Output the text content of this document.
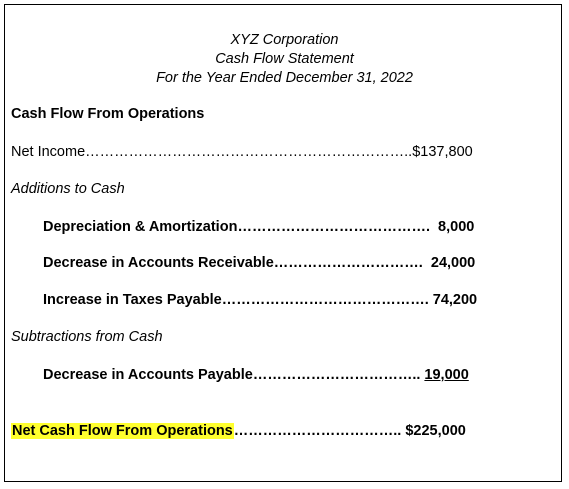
XYZ Corporation
Cash Flow Statement
For the Year Ended December 31, 2022
Cash Flow From Operations
Net Income…………………………………………………………..$137,800
Additions to Cash
Depreciation & Amortization…………………………………. 8,000
Decrease in Accounts Receivable…………………………. 24,000
Increase in Taxes Payable……………………………………. 74,200
Subtractions from Cash
Decrease in Accounts Payable…………………………….. 19,000
Net Cash Flow From Operations…………………………….. $225,000
